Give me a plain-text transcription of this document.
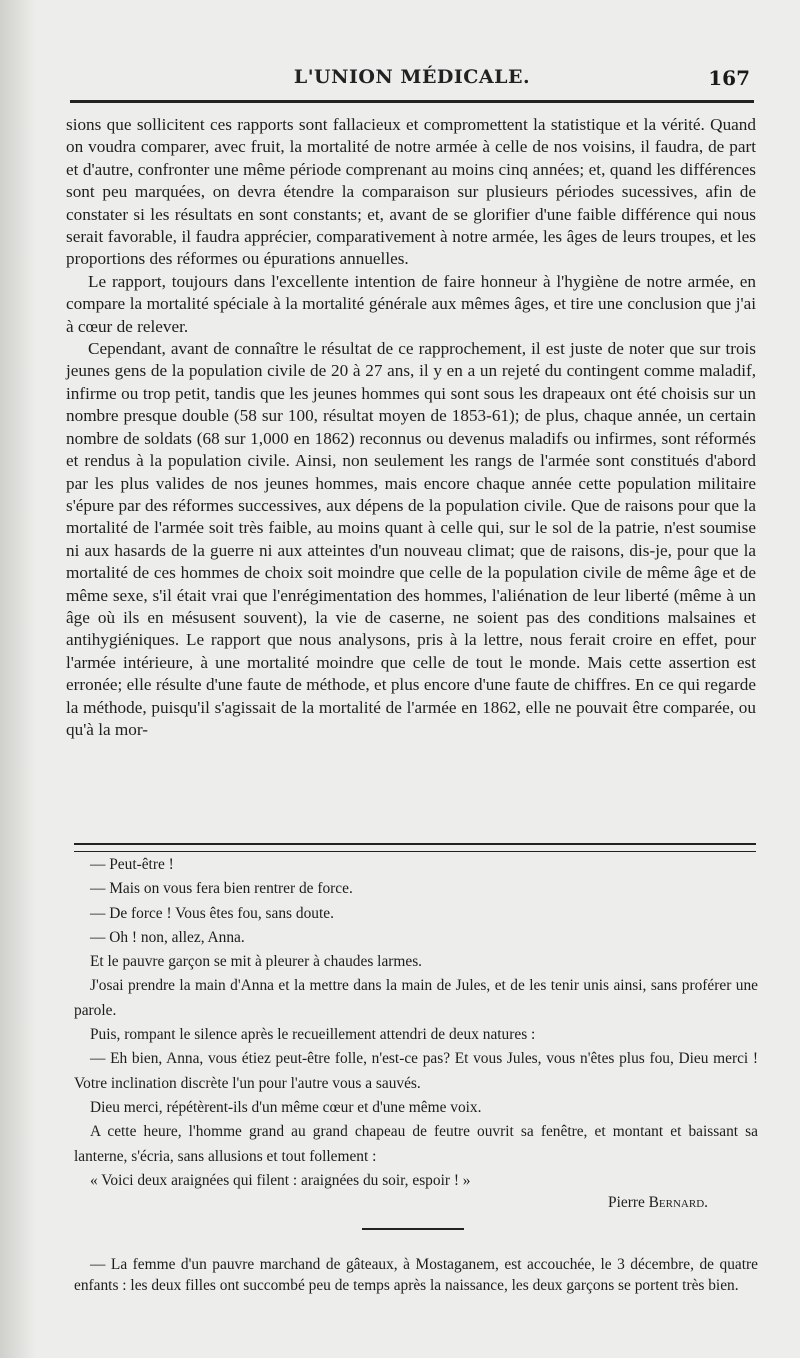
L'UNION MÉDICALE.	167

sions que sollicitent ces rapports sont fallacieux et compromettent la statistique et la vérité. Quand on voudra comparer, avec fruit, la mortalité de notre armée à celle de nos voisins, il faudra, de part et d'autre, confronter une même période comprenant au moins cinq années; et, quand les différences sont peu marquées, on devra étendre la comparaison sur plusieurs périodes sucessives, afin de constater si les résultats en sont constants; et, avant de se glorifier d'une faible différence qui nous serait favorable, il faudra apprécier, comparativement à notre armée, les âges de leurs troupes, et les proportions des réformes ou épurations annuelles.

Le rapport, toujours dans l'excellente intention de faire honneur à l'hygiène de notre armée, en compare la mortalité spéciale à la mortalité générale aux mêmes âges, et tire une conclusion que j'ai à cœur de relever.

Cependant, avant de connaître le résultat de ce rapprochement, il est juste de noter que sur trois jeunes gens de la population civile de 20 à 27 ans, il y en a un rejeté du contingent comme maladif, infirme ou trop petit, tandis que les jeunes hommes qui sont sous les drapeaux ont été choisis sur un nombre presque double (58 sur 100, résultat moyen de 1853-61); de plus, chaque année, un certain nombre de soldats (68 sur 1,000 en 1862) reconnus ou devenus maladifs ou infirmes, sont réformés et rendus à la population civile. Ainsi, non seulement les rangs de l'armée sont constitués d'abord par les plus valides de nos jeunes hommes, mais encore chaque année cette population militaire s'épure par des réformes successives, aux dépens de la population civile. Que de raisons pour que la mortalité de l'armée soit très faible, au moins quant à celle qui, sur le sol de la patrie, n'est soumise ni aux hasards de la guerre ni aux atteintes d'un nouveau climat; que de raisons, dis-je, pour que la mortalité de ces hommes de choix soit moindre que celle de la population civile de même âge et de même sexe, s'il était vrai que l'enrégimentation des hommes, l'aliénation de leur liberté (même à un âge où ils en mésusent souvent), la vie de caserne, ne soient pas des conditions malsaines et antihygiéniques. Le rapport que nous analysons, pris à la lettre, nous ferait croire en effet, pour l'armée intérieure, à une mortalité moindre que celle de tout le monde. Mais cette assertion est erronée; elle résulte d'une faute de méthode, et plus encore d'une faute de chiffres. En ce qui regarde la méthode, puisqu'il s'agissait de la mortalité de l'armée en 1862, elle ne pouvait être comparée, ou qu'à la mor-

— Peut-être !

— Mais on vous fera bien rentrer de force.

— De force ! Vous êtes fou, sans doute.

— Oh ! non, allez, Anna.

Et le pauvre garçon se mit à pleurer à chaudes larmes.

J'osai prendre la main d'Anna et la mettre dans la main de Jules, et de les tenir unis ainsi, sans proférer une parole.

Puis, rompant le silence après le recueillement attendri de deux natures :

— Eh bien, Anna, vous étiez peut-être folle, n'est-ce pas? Et vous Jules, vous n'êtes plus fou, Dieu merci ! Votre inclination discrète l'un pour l'autre vous a sauvés.

Dieu merci, répétèrent-ils d'un même cœur et d'une même voix.

A cette heure, l'homme grand au grand chapeau de feutre ouvrit sa fenêtre, et montant et baissant sa lanterne, s'écria, sans allusions et tout follement :

« Voici deux araignées qui filent : araignées du soir, espoir ! »

Pierre Bernard.

— La femme d'un pauvre marchand de gâteaux, à Mostaganem, est accouchée, le 3 décembre, de quatre enfants : les deux filles ont succombé peu de temps après la naissance, les deux garçons se portent très bien.
